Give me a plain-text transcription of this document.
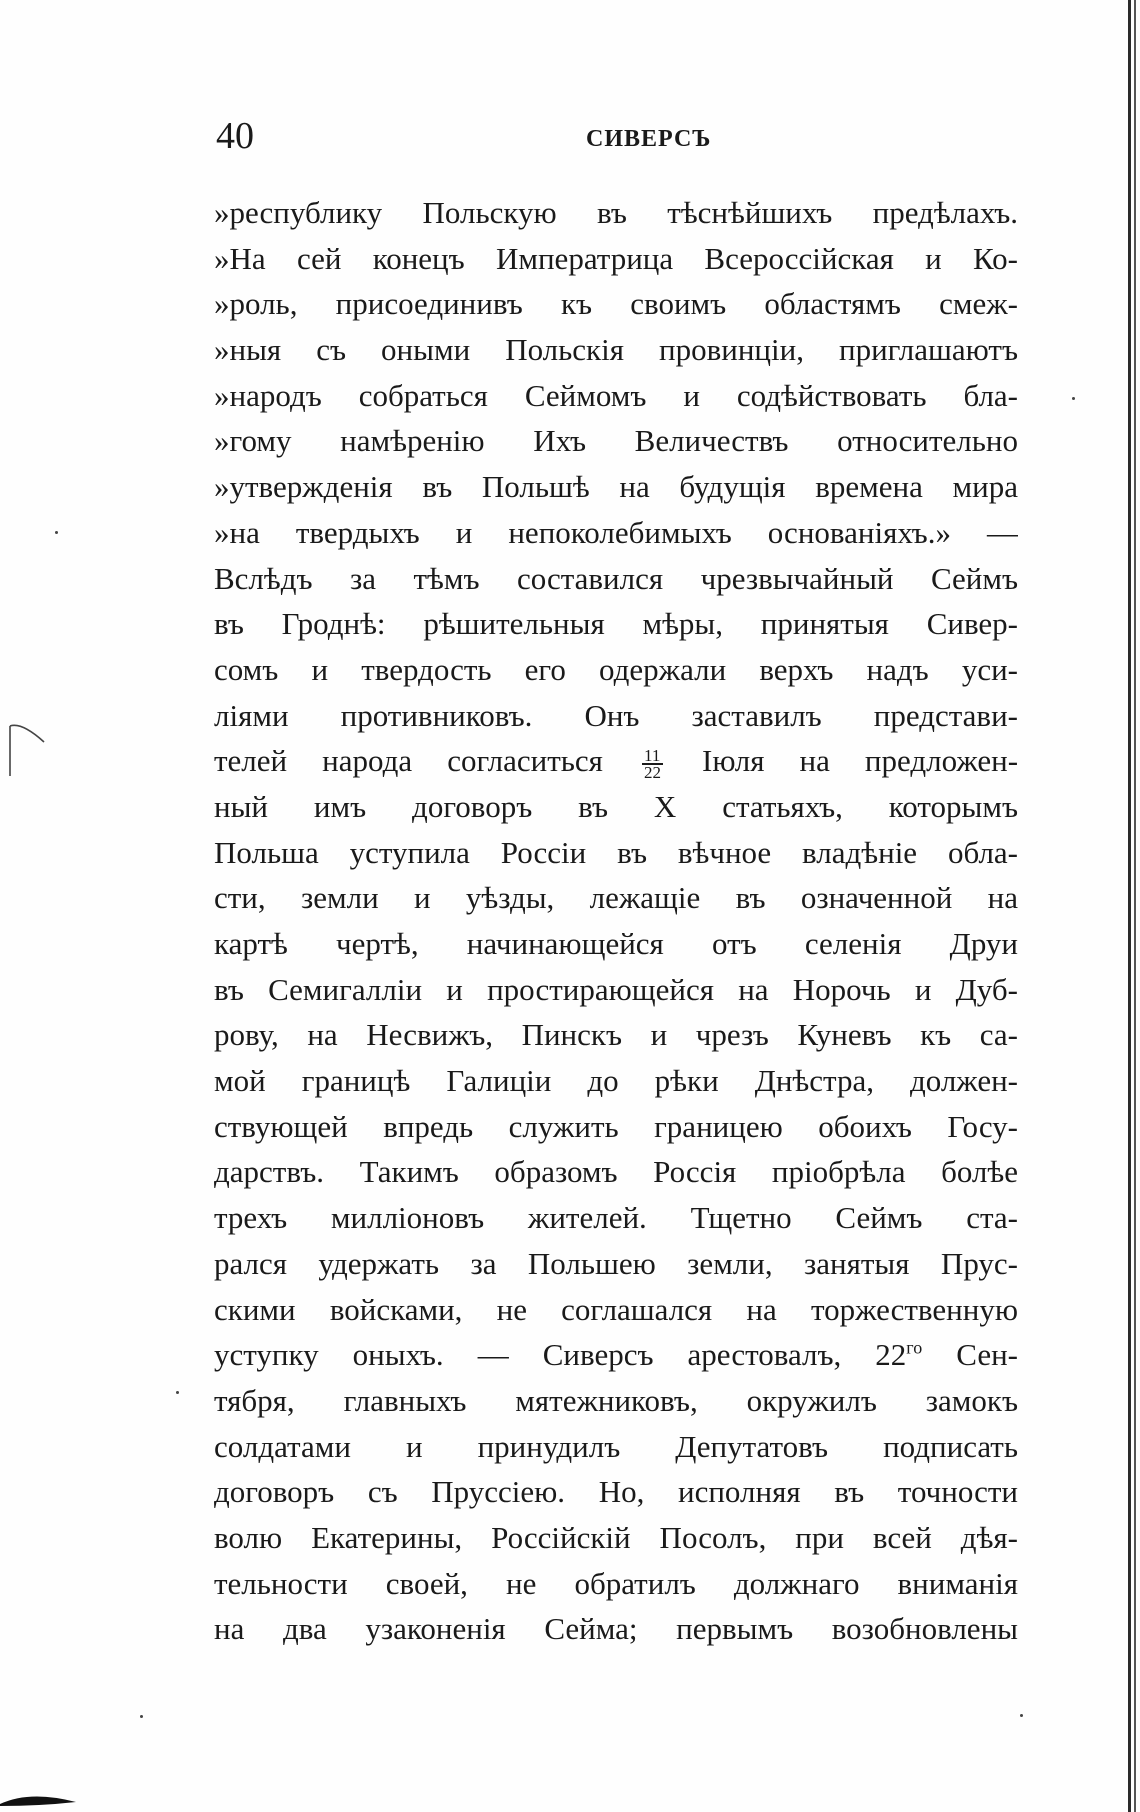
40	СИВЕРСЪ
»республику Польскую въ тѣснѣйшихъ предѣлахъ.
»На сей конецъ Императрица Всероссійская и Ко-
»роль, присоединивъ къ своимъ областямъ смеж-
»ныя съ оными Польскія провинціи, приглашаютъ
»народъ собраться Сеймомъ и содѣйствовать бла-
»гому намѣренію Ихъ Величествъ относительно
»утвержденія въ Польшѣ на будущія времена мира
»на твердыхъ и непоколебимыхъ основаніяхъ.» —
Вслѣдъ за тѣмъ составился чрезвычайный Сеймъ
въ Гроднѣ: рѣшительныя мѣры, принятыя Сивер-
сомъ и твердость его одержали верхъ надъ уси-
ліями противниковъ. Онъ заставилъ представи-
телей народа согласиться $\frac{11}{22}$ Іюля на предложен-
ный имъ договоръ въ X статьяхъ, которымъ
Польша уступила Россіи въ вѣчное владѣніе обла-
сти, земли и уѣзды, лежащіе въ означенной на
картѣ чертѣ, начинающейся отъ селенія Друи
въ Семигалліи и простирающейся на Норочь и Дуб-
рову, на Несвижъ, Пинскъ и чрезъ Куневъ къ са-
мой границѣ Галиціи до рѣки Днѣстра, должен-
ствующей впредь служить границею обоихъ Госу-
дарствъ. Такимъ образомъ Россія пріобрѣла болѣе
трехъ милліоновъ жителей. Тщетно Сеймъ ста-
рался удержать за Польшею земли, занятыя Прус-
скими войсками, не соглашался на торжественную
уступку оныхъ. — Сиверсъ арестовалъ, $22^{го}$ Сен-
тября, главныхъ мятежниковъ, окружилъ замокъ
солдатами и принудилъ Депутатовъ подписать
договоръ съ Пруссіею. Но, исполняя въ точности
волю Екатерины, Россійскій Посолъ, при всей дѣя-
тельности своей, не обратилъ должнаго вниманія
на два узаконенія Сейма; первымъ возобновлены
